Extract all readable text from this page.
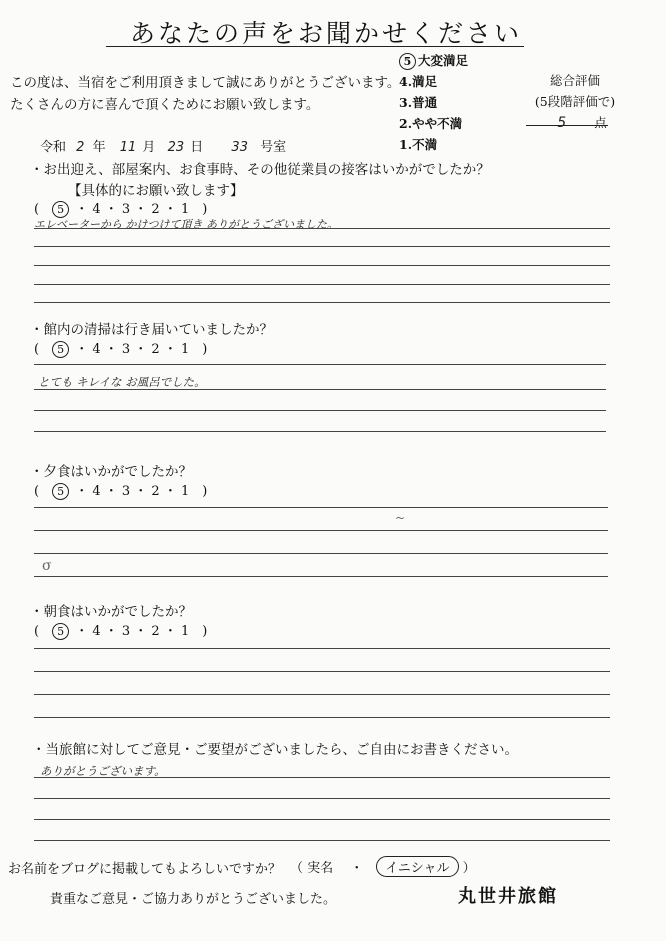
あなたの声をお聞かせください
この度は、当宿をご利用頂きまして誠にありがとうございます。
たくさんの方に喜んで頂くためにお願い致します。
5 大変満足
4.満足
3.普通
2.やや不満
1.不満
総合評価
(5段階評価で)
5 点
令和 2 年 11 月 23 日 33 号室
・お出迎え、部屋案内、お食事時、その他従業員の接客はいかがでしたか？
【具体的にお願い致します】
(　5 ・ 4 ・ 3 ・ 2 ・ 1　)
エレベーターから かけつけて頂き ありがとうございました。
・館内の清掃は行き届いていましたか？
(　5 ・ 4 ・ 3 ・ 2 ・ 1　)
とても キレイな お風呂でした。
・夕食はいかがでしたか？
(　5 ・ 4 ・ 3 ・ 2 ・ 1　)
~
σ
・朝食はいかがでしたか？
(　5 ・ 4 ・ 3 ・ 2 ・ 1　)
・当旅館に対してご意見・ご要望がございましたら、ご自由にお書きください。
ありがとうございます。
お名前をブログに掲載してもよろしいですか？ （ 実名 　・　イニシャル ）
貴重なご意見・ご協力ありがとうございました。	丸世井旅館
